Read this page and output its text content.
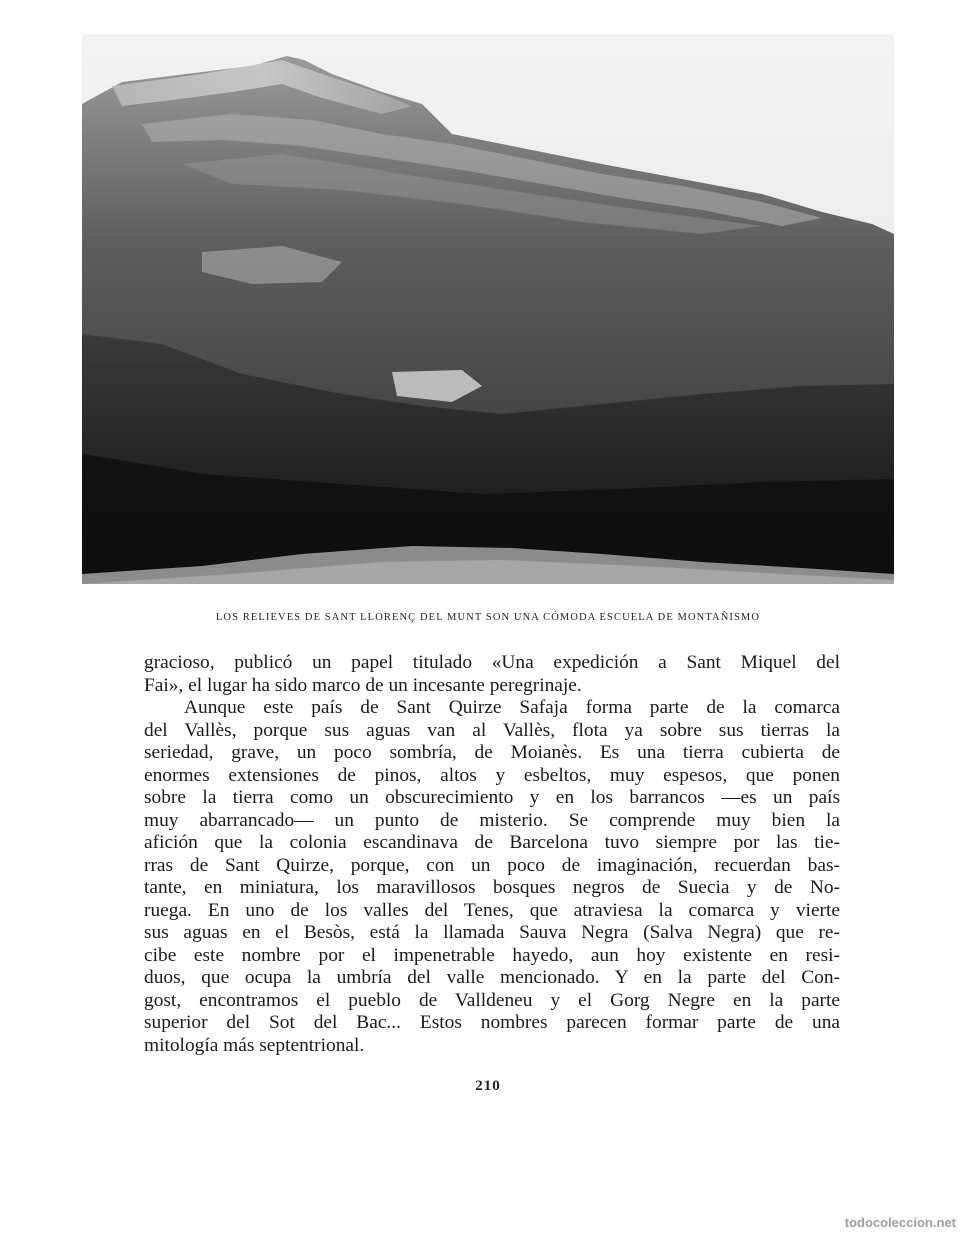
LOS RELIEVES DE SANT LLORENÇ DEL MUNT SON UNA CÓMODA ESCUELA DE MONTAÑISMO
gracioso, publicó un papel titulado «Una expedición a Sant Miquel del
Fai», el lugar ha sido marco de un incesante peregrinaje.
Aunque este país de Sant Quirze Safaja forma parte de la comarca
del Vallès, porque sus aguas van al Vallès, flota ya sobre sus tierras la
seriedad, grave, un poco sombría, de Moianès. Es una tierra cubierta de
enormes extensiones de pinos, altos y esbeltos, muy espesos, que ponen
sobre la tierra como un obscurecimiento y en los barrancos —es un país
muy abarrancado— un punto de misterio. Se comprende muy bien la
afición que la colonia escandinava de Barcelona tuvo siempre por las tie-
rras de Sant Quirze, porque, con un poco de imaginación, recuerdan bas-
tante, en miniatura, los maravillosos bosques negros de Suecia y de No-
ruega. En uno de los valles del Tenes, que atraviesa la comarca y vierte
sus aguas en el Besòs, está la llamada Sauva Negra (Salva Negra) que re-
cibe este nombre por el impenetrable hayedo, aun hoy existente en resi-
duos, que ocupa la umbría del valle mencionado. Y en la parte del Con-
gost, encontramos el pueblo de Valldeneu y el Gorg Negre en la parte
superior del Sot del Bac... Estos nombres parecen formar parte de una
mitología más septentrional.
210
todocoleccion.net
